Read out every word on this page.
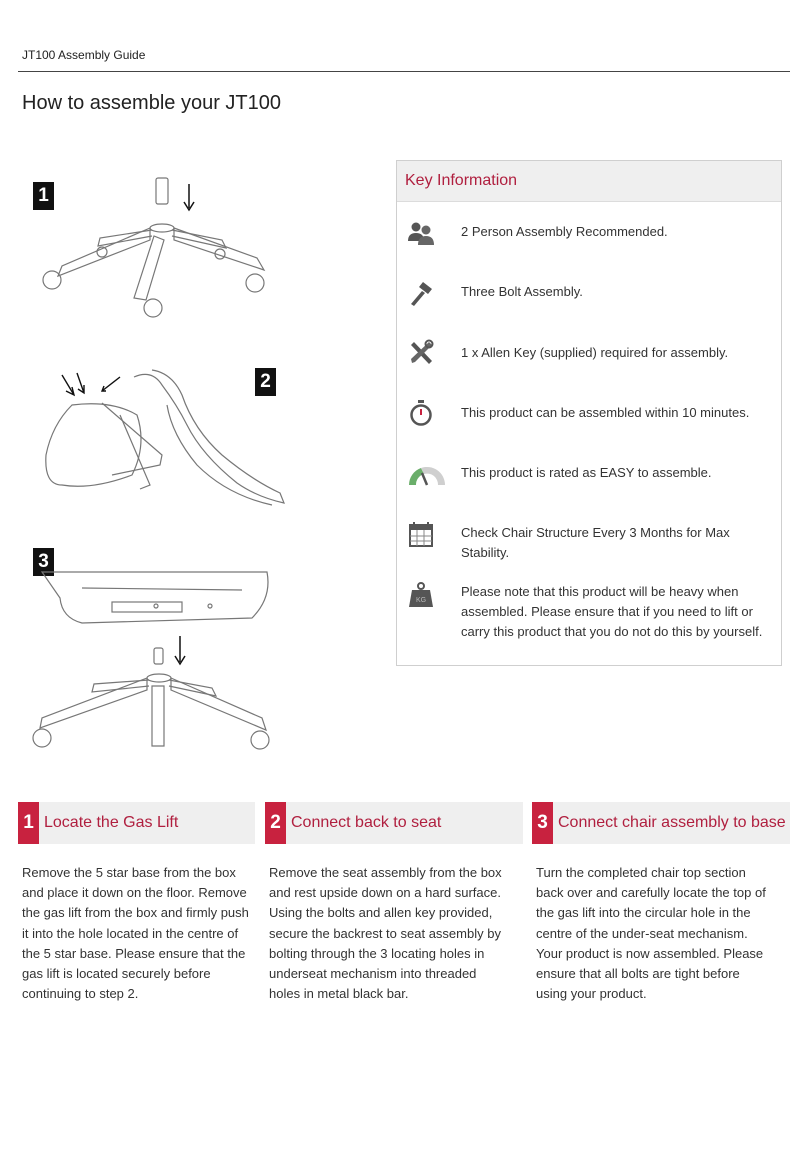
JT100 Assembly Guide
How to assemble your JT100
1
2
3
Key Information
2 Person Assembly Recommended.
Three Bolt Assembly.
1 x Allen Key (supplied) required for assembly.
This product can be assembled within 10 minutes.
This product is rated as EASY to assemble.
Check Chair Structure Every 3 Months for Max Stability.
KG
Please note that this product will be heavy when assembled. Please ensure that if you need to lift or carry this product that you do not do this by yourself.
1 Locate the Gas Lift
Remove the 5 star base from the box and place it down on the floor. Remove the gas lift from the box and firmly push it into the hole located in the centre of the 5 star base. Please ensure that the gas lift is located securely before continuing to step 2.
2 Connect back to seat
Remove the seat assembly from the box and rest upside down on a hard surface. Using the bolts and allen key provided, secure the backrest to seat assembly by bolting through the 3 locating holes in underseat mechanism into threaded holes in metal black bar.
3 Connect chair assembly to base
Turn the completed chair top section back over and carefully locate the top of the gas lift into the circular hole in the centre of the under-seat mechanism. Your product is now assembled. Please ensure that all bolts are tight before using your product.
